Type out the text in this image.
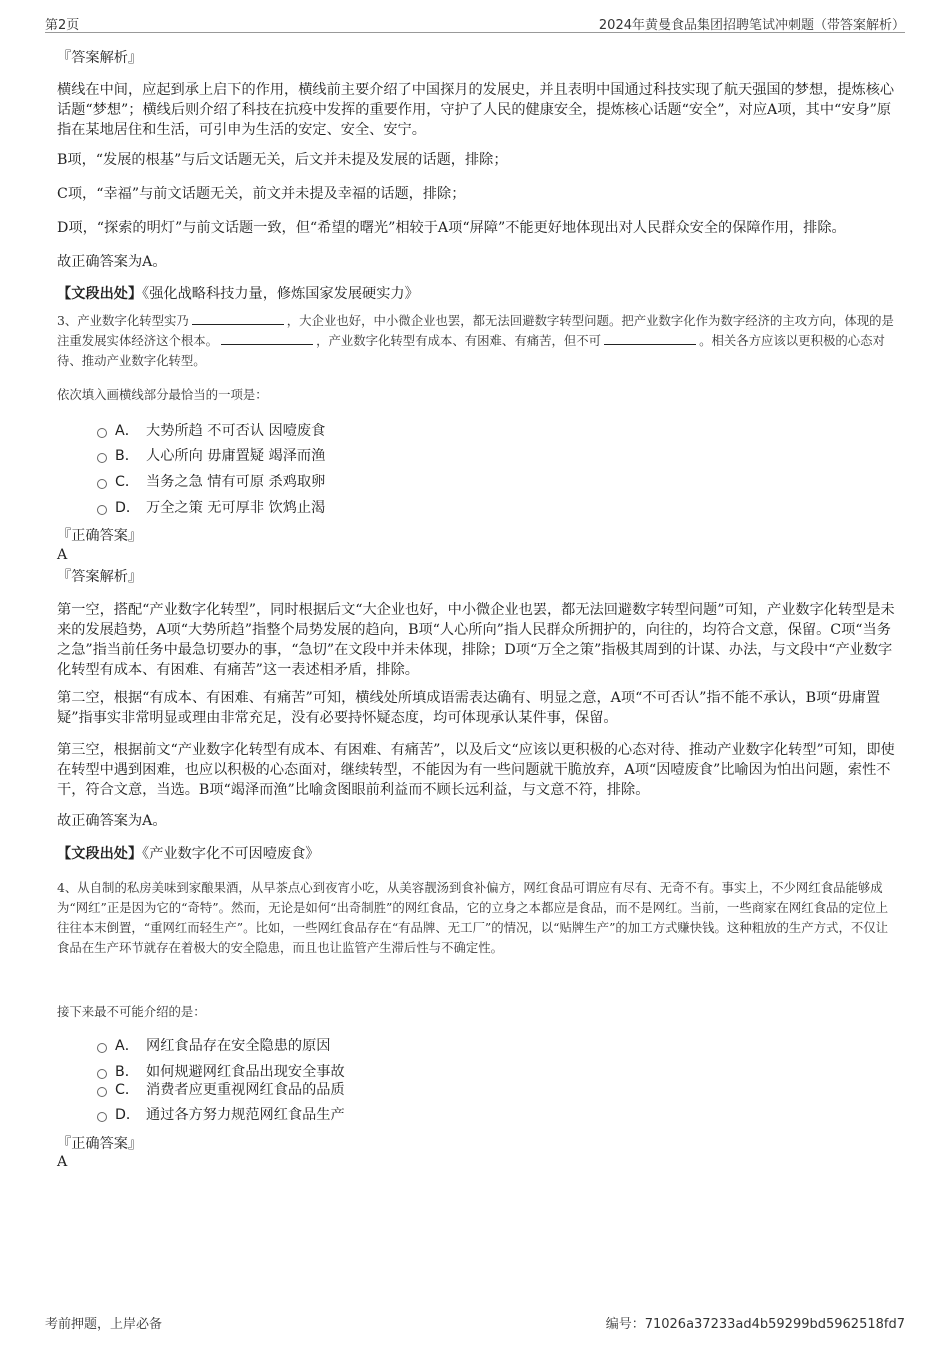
第2页	2024年黄曼食品集团招聘笔试冲刺题（带答案解析）
『答案解析』
横线在中间，应起到承上启下的作用，横线前主要介绍了中国探月的发展史，并且表明中国通过科技实现了航天强国的梦想，提炼核心话题“梦想”；横线后则介绍了科技在抗疫中发挥的重要作用，守护了人民的健康安全，提炼核心话题“安全”，对应A项，其中“安身”原指在某地居住和生活，可引申为生活的安定、安全、安宁。
B项，“发展的根基”与后文话题无关，后文并未提及发展的话题，排除；
C项，“幸福”与前文话题无关，前文并未提及幸福的话题，排除；
D项，“探索的明灯”与前文话题一致，但“希望的曙光”相较于A项“屏障”不能更好地体现出对人民群众安全的保障作用，排除。
故正确答案为A。
【文段出处】《强化战略科技力量，修炼国家发展硬实力》
3、产业数字化转型实乃	，大企业也好，中小微企业也罢，都无法回避数字转型问题。把产业数字化作为数字经济的主攻方向，体现的是注重发展实体经济这个根本。	，产业数字化转型有成本、有困难、有痛苦，但不可	。相关各方应该以更积极的心态对待、推动产业数字化转型。
依次填入画横线部分最恰当的一项是：
A． 大势所趋 不可否认 因噎废食
B． 人心所向 毋庸置疑 竭泽而渔
C． 当务之急 情有可原 杀鸡取卵
D． 万全之策 无可厚非 饮鸩止渴
『正确答案』
A
『答案解析』
第一空，搭配“产业数字化转型”，同时根据后文“大企业也好，中小微企业也罢，都无法回避数字转型问题”可知，产业数字化转型是未来的发展趋势，A项“大势所趋”指整个局势发展的趋向，B项“人心所向”指人民群众所拥护的，向往的，均符合文意，保留。C项“当务之急”指当前任务中最急切要办的事，“急切”在文段中并未体现，排除；D项“万全之策”指极其周到的计谋、办法，与文段中“产业数字化转型有成本、有困难、有痛苦”这一表述相矛盾，排除。
第二空，根据“有成本、有困难、有痛苦”可知，横线处所填成语需表达确有、明显之意，A项“不可否认”指不能不承认，B项“毋庸置疑”指事实非常明显或理由非常充足，没有必要持怀疑态度，均可体现承认某件事，保留。
第三空，根据前文“产业数字化转型有成本、有困难、有痛苦”，以及后文“应该以更积极的心态对待、推动产业数字化转型”可知，即使在转型中遇到困难，也应以积极的心态面对，继续转型，不能因为有一些问题就干脆放弃，A项“因噎废食”比喻因为怕出问题，索性不干，符合文意，当选。B项“竭泽而渔”比喻贪图眼前利益而不顾长远利益，与文意不符，排除。
故正确答案为A。
【文段出处】《产业数字化不可因噎废食》
4、从自制的私房美味到家酿果酒，从早茶点心到夜宵小吃，从美容靓汤到食补偏方，网红食品可谓应有尽有、无奇不有。事实上，不少网红食品能够成为“网红”正是因为它的“奇特”。然而，无论是如何“出奇制胜”的网红食品，它的立身之本都应是食品，而不是网红。当前，一些商家在网红食品的定位上往往本末倒置，“重网红而轻生产”。比如，一些网红食品存在“有品牌、无工厂”的情况，以“贴牌生产”的加工方式赚快钱。这种粗放的生产方式，不仅让食品在生产环节就存在着极大的安全隐患，而且也让监管产生滞后性与不确定性。
接下来最不可能介绍的是：
A． 网红食品存在安全隐患的原因
B． 如何规避网红食品出现安全事故
C． 消费者应更重视网红食品的品质
D． 通过各方努力规范网红食品生产
『正确答案』
A
考前押题，上岸必备	编号：71026a37233ad4b59299bd5962518fd7
